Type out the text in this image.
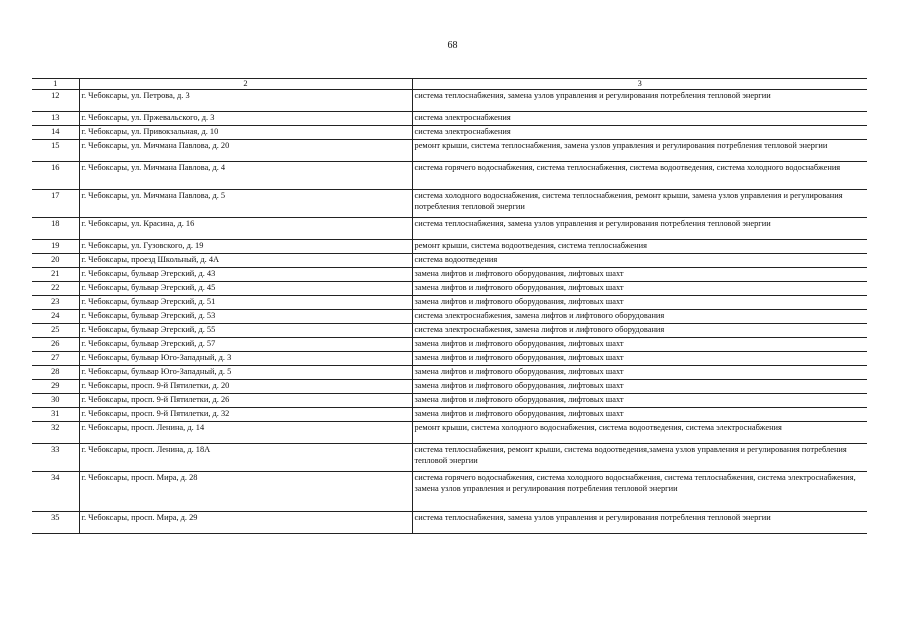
68
1	2	3
12	г. Чебоксары, ул. Петрова, д. 3	система теплоснабжения, замена узлов управления и регулирования потребления тепловой энергии
13	г. Чебоксары, ул. Пржевальского, д. 3	система электроснабжения
14	г. Чебоксары, ул. Привокзальная, д. 10	система электроснабжения
15	г. Чебоксары, ул. Мичмана Павлова, д. 20	ремонт крыши, система теплоснабжения, замена узлов управления и регулирования потребления тепловой энергии
16	г. Чебоксары, ул. Мичмана Павлова, д. 4	система горячего водоснабжения, система теплоснабжения, система водоотведения, система холодного водоснабжения
17	г. Чебоксары, ул. Мичмана Павлова, д. 5	система холодного водоснабжения, система теплоснабжения, ремонт крыши, замена узлов управления и регулирования потребления тепловой энергии
18	г. Чебоксары, ул. Красина, д. 16	система теплоснабжения, замена узлов управления и регулирования потребления тепловой энергии
19	г. Чебоксары, ул. Гузовского, д. 19	ремонт крыши, система водоотведения, система теплоснабжения
20	г. Чебоксары, проезд Школьный, д. 4А	система водоотведения
21	г. Чебоксары, бульвар Эгерский, д. 43	замена лифтов и лифтового оборудования, лифтовых шахт
22	г. Чебоксары, бульвар Эгерский, д. 45	замена лифтов и лифтового оборудования, лифтовых шахт
23	г. Чебоксары, бульвар Эгерский, д. 51	замена лифтов и лифтового оборудования, лифтовых шахт
24	г. Чебоксары, бульвар Эгерский, д. 53	система электроснабжения, замена лифтов и лифтового оборудования
25	г. Чебоксары, бульвар Эгерский, д. 55	система электроснабжения, замена лифтов и лифтового оборудования
26	г. Чебоксары, бульвар Эгерский, д. 57	замена лифтов и лифтового оборудования, лифтовых шахт
27	г. Чебоксары, бульвар Юго-Западный, д. 3	замена лифтов и лифтового оборудования, лифтовых шахт
28	г. Чебоксары, бульвар Юго-Западный, д. 5	замена лифтов и лифтового оборудования, лифтовых шахт
29	г. Чебоксары, просп. 9-й Пятилетки, д. 20	замена лифтов и лифтового оборудования, лифтовых шахт
30	г. Чебоксары, просп. 9-й Пятилетки, д. 26	замена лифтов и лифтового оборудования, лифтовых шахт
31	г. Чебоксары, просп. 9-й Пятилетки, д. 32	замена лифтов и лифтового оборудования, лифтовых шахт
32	г. Чебоксары, просп. Ленина, д. 14	ремонт крыши, система холодного водоснабжения, система водоотведения, система электроснабжения
33	г. Чебоксары, просп. Ленина, д. 18А	система теплоснабжения, ремонт крыши, система водоотведения,замена узлов управления и регулирования потребления тепловой энергии
34	г. Чебоксары, просп. Мира, д. 28	система горячего водоснабжения, система холодного водоснабжения, система теплоснабжения, система электроснабжения, замена узлов управления и регулирования потребления тепловой энергии
35	г. Чебоксары, просп. Мира, д. 29	система теплоснабжения, замена узлов управления и регулирования потребления тепловой энергии
